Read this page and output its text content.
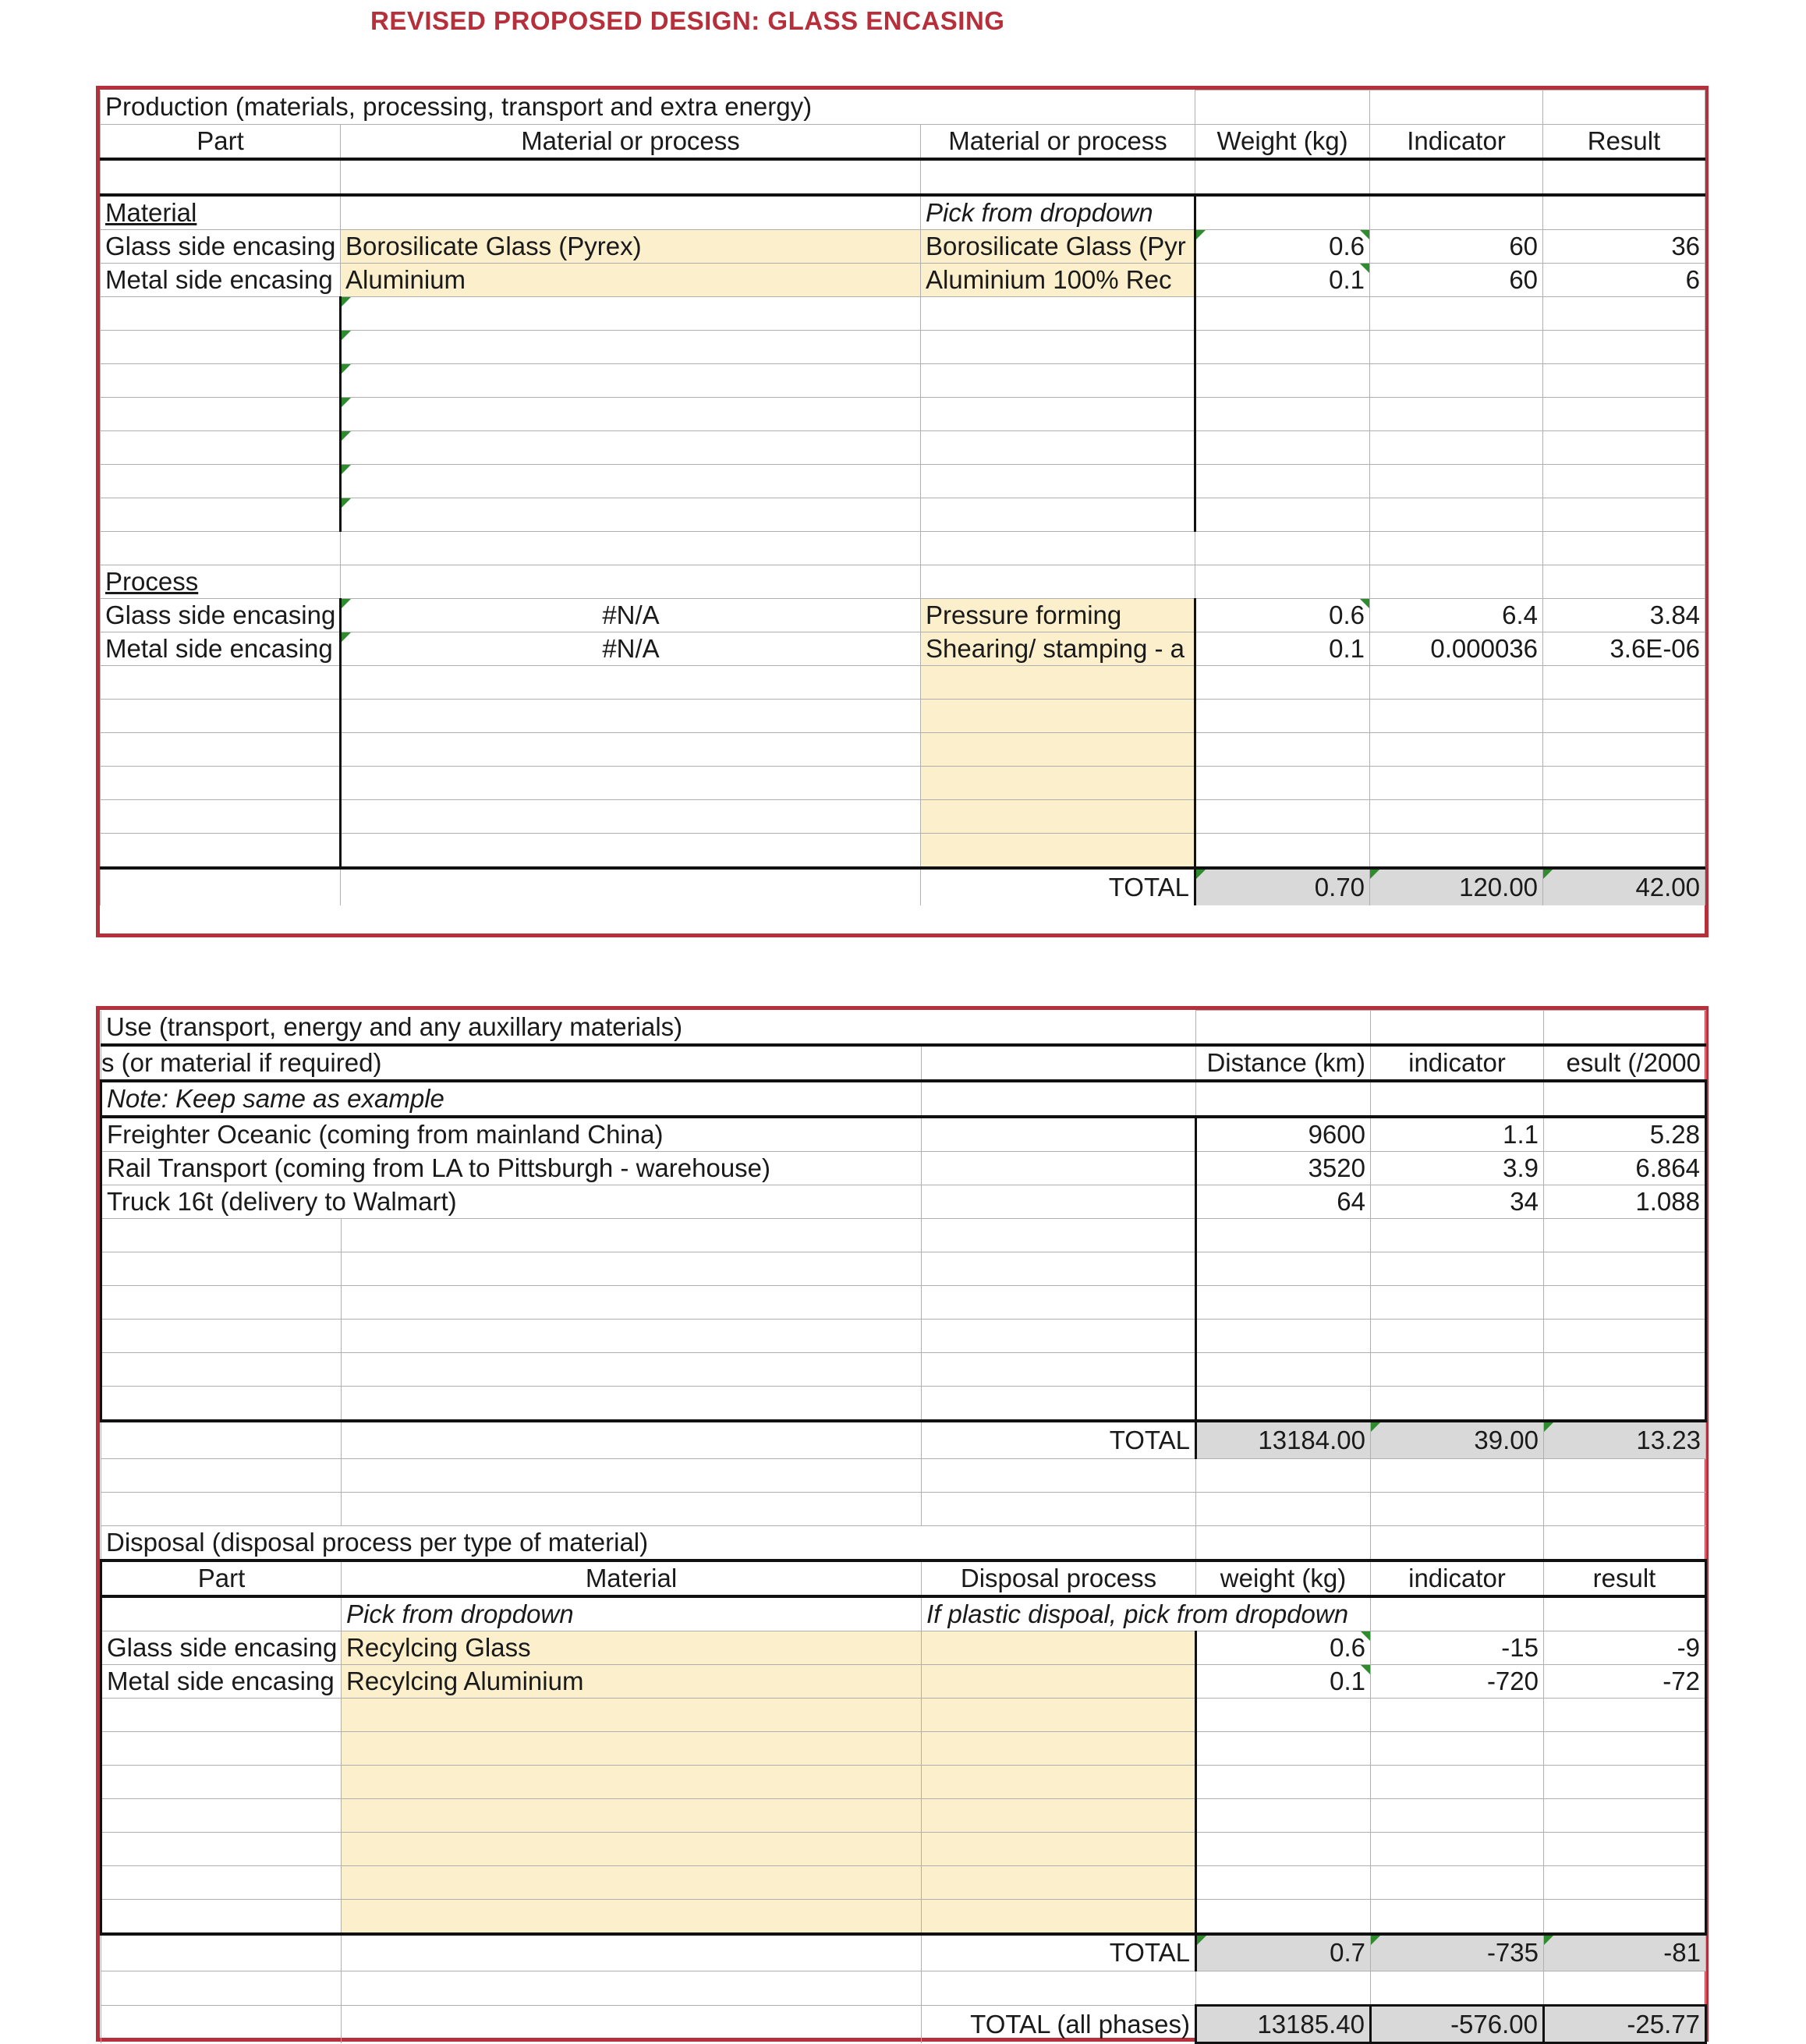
REVISED PROPOSED DESIGN: GLASS ENCASING
Production (materials, processing, transport and extra energy)					
Part	Material or process	Material or process	Weight (kg)	Indicator	Result

Material		Pick from dropdown			
Glass side encasing	Borosilicate Glass (Pyrex)	Borosilicate Glass (Pyr	0.6	60	36
Metal side encasing	Aluminium	Aluminium 100% Rec	0.1	60	6

Process					
Glass side encasing	#N/A	Pressure forming	0.6	6.4	3.84
Metal side encasing	#N/A	Shearing/ stamping - a	0.1	0.000036	3.6E-06

		TOTAL	0.70	120.00	42.00
Use (transport, energy and any auxillary materials)					
s (or material if required)			Distance (km)	indicator	esult (/2000
Note: Keep same as example					
Freighter Oceanic (coming from mainland China)			9600	1.1	5.28
Rail Transport (coming from LA to Pittsburgh - warehouse)			3520	3.9	6.864
Truck 16t (delivery to Walmart)			64	34	1.088

		TOTAL	13184.00	39.00	13.23

Disposal (disposal process per type of material)					
Part	Material	Disposal process	weight (kg)	indicator	result
	Pick from dropdown	If plastic dispoal, pick from dropdown			
Glass side encasing	Recylcing Glass		0.6	-15	-9
Metal side encasing	Recylcing Aluminium		0.1	-720	-72

		TOTAL	0.7	-735	-81

		TOTAL (all phases)	13185.40	-576.00	-25.77
